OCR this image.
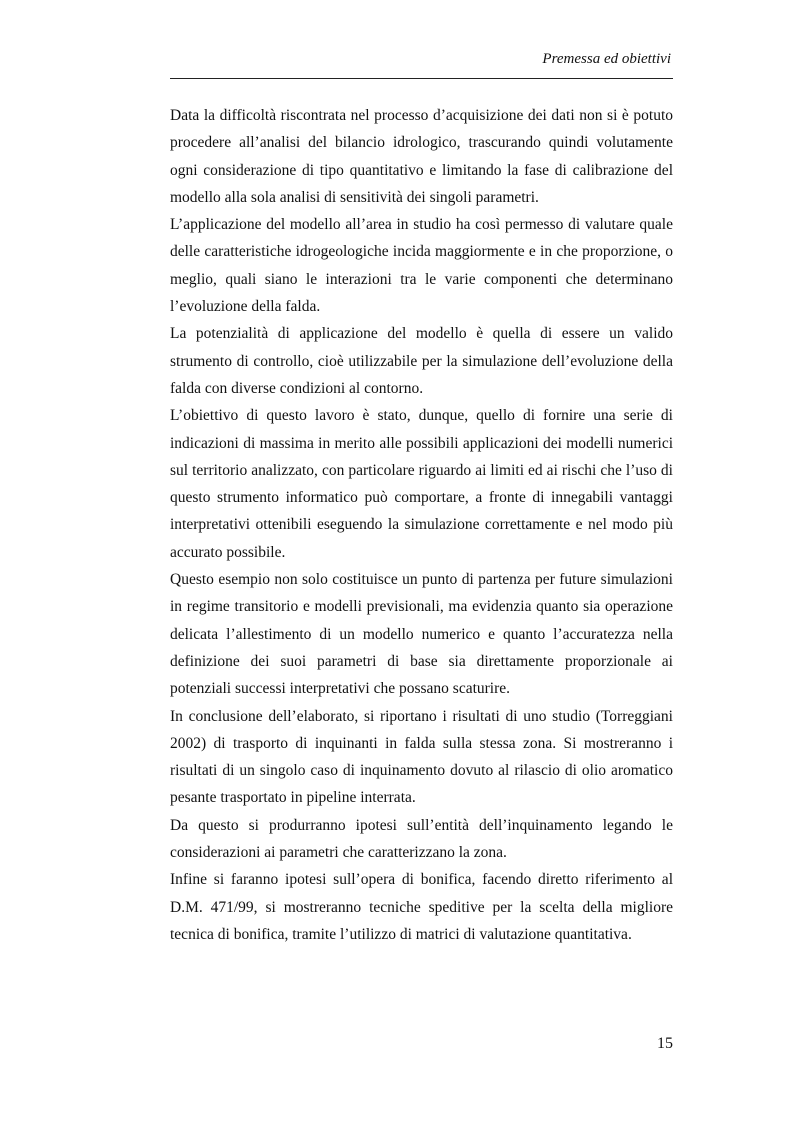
Premessa ed obiettivi

Data la difficoltà riscontrata nel processo d’acquisizione dei dati non si è potuto procedere all’analisi del bilancio idrologico, trascurando quindi volutamente ogni considerazione di tipo quantitativo e limitando la fase di calibrazione del modello alla sola analisi di sensitività dei singoli parametri.

L’applicazione del modello all’area in studio ha così permesso di valutare quale delle caratteristiche idrogeologiche incida maggiormente e in che proporzione, o meglio, quali siano le interazioni tra le varie componenti che determinano l’evoluzione della falda.

La potenzialità di applicazione del modello è quella di essere un valido strumento di controllo, cioè utilizzabile per la simulazione dell’evoluzione della falda con diverse condizioni al contorno.

L’obiettivo di questo lavoro è stato, dunque, quello di fornire una serie di indicazioni di massima in merito alle possibili applicazioni dei modelli numerici sul territorio analizzato, con particolare riguardo ai limiti ed ai rischi che l’uso di questo strumento informatico può comportare, a fronte di innegabili vantaggi interpretativi ottenibili eseguendo la simulazione correttamente e nel modo più accurato possibile.

Questo esempio non solo costituisce un punto di partenza per future simulazioni in regime transitorio e modelli previsionali, ma evidenzia quanto sia operazione delicata l’allestimento di un modello numerico e quanto l’accuratezza nella definizione dei suoi parametri di base sia direttamente proporzionale ai potenziali successi interpretativi che possano scaturire.

In conclusione dell’elaborato, si riportano i risultati di uno studio (Torreggiani 2002) di trasporto di inquinanti in falda sulla stessa zona. Si mostreranno i risultati di un singolo caso di inquinamento dovuto al rilascio di olio aromatico pesante trasportato in pipeline interrata.

Da questo si produrranno ipotesi sull’entità dell’inquinamento legando le considerazioni ai parametri che caratterizzano la zona.

Infine si faranno ipotesi sull’opera di bonifica, facendo diretto riferimento al D.M. 471/99, si mostreranno tecniche speditive per la scelta della migliore tecnica di bonifica, tramite l’utilizzo di matrici di valutazione quantitativa.

15
